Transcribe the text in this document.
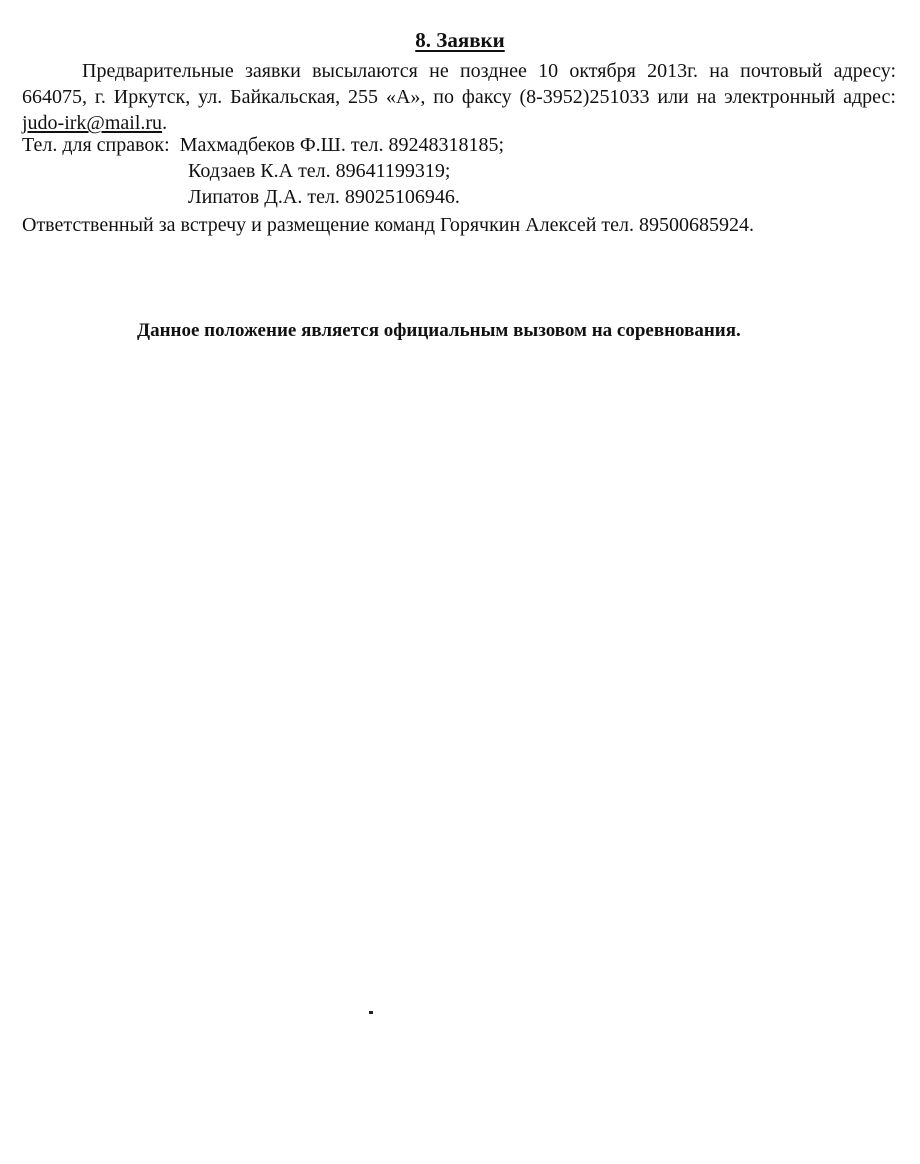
8. Заявки

Предварительные заявки высылаются не позднее 10 октября 2013г. на почтовый адресу: 664075, г. Иркутск, ул. Байкальская, 255 «А», по факсу (8-3952)251033 или на электронный адрес: judo-irk@mail.ru.

Тел. для справок: Махмадбеков Ф.Ш. тел. 89248318185;
Кодзаев К.А тел. 89641199319;
Липатов Д.А. тел. 89025106946.

Ответственный за встречу и размещение команд Горячкин Алексей тел. 89500685924.

Данное положение является официальным вызовом на соревнования.
